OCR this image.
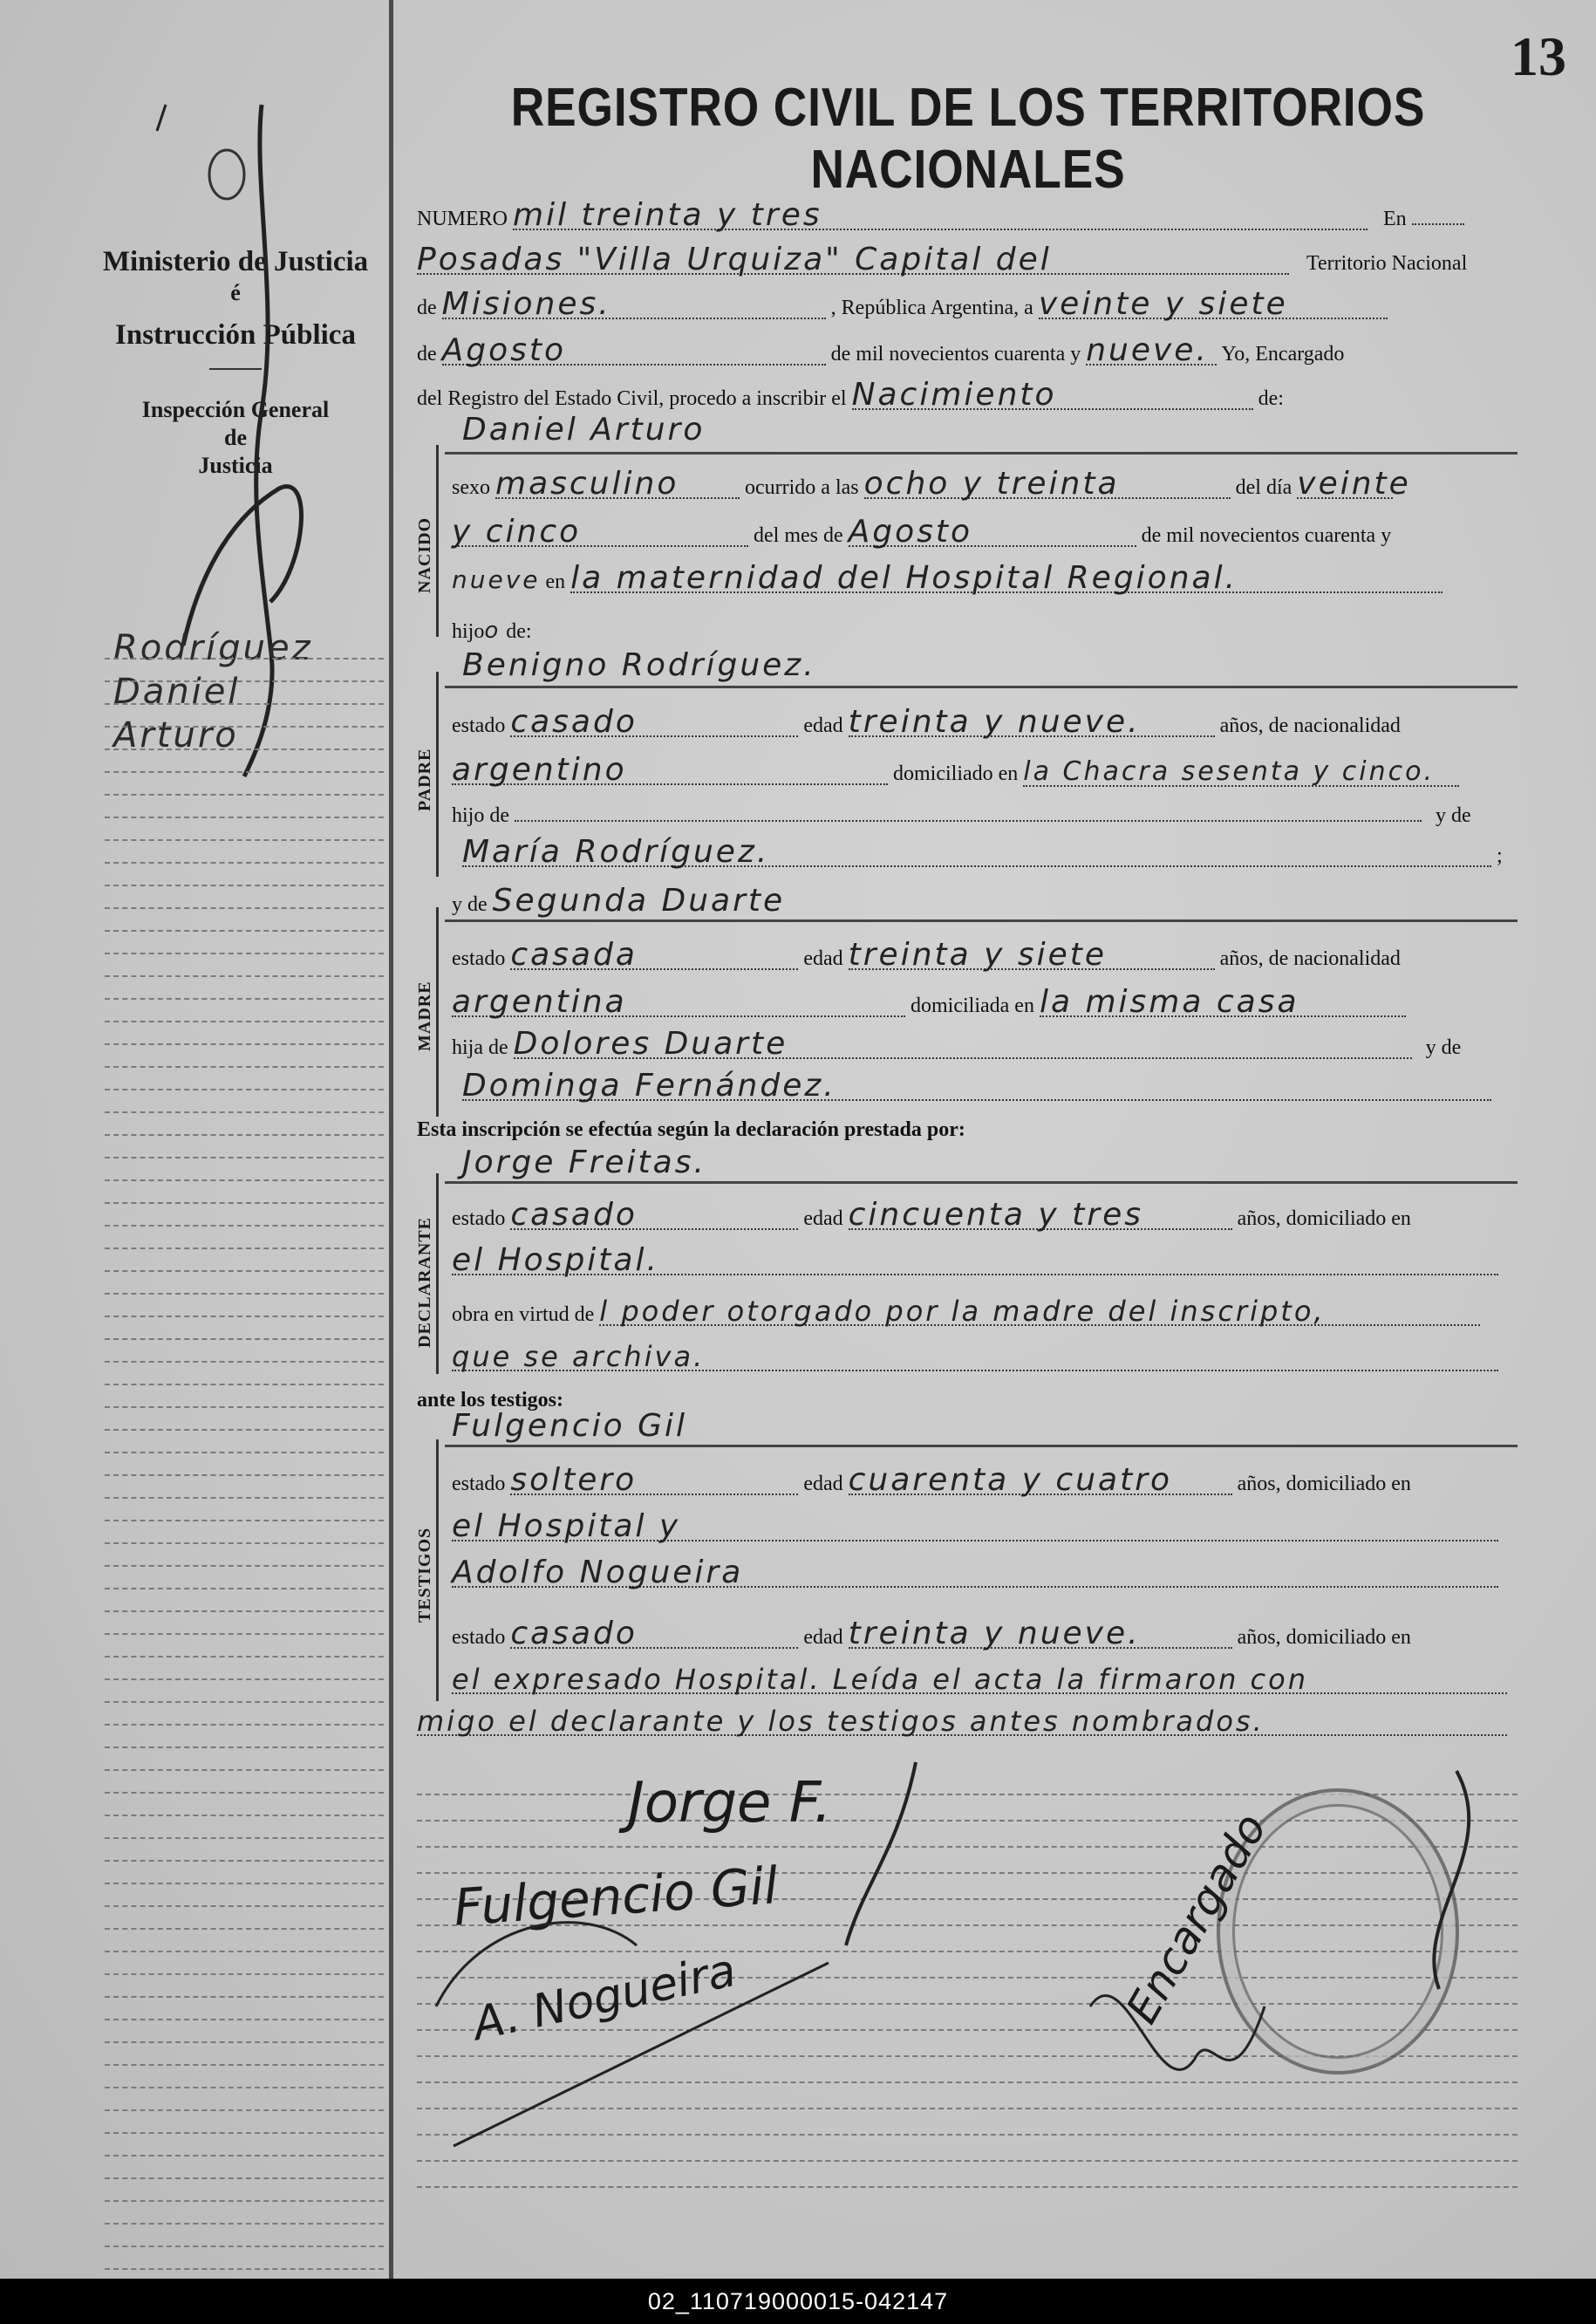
13
Ministerio de Justicia
é
Instrucción Pública
Inspección General
de
Justicia
Rodríguez
Daniel
Arturo
REGISTRO CIVIL DE LOS TERRITORIOS NACIONALES
NUMERO mil treinta y tres	En
Posadas "Villa Urquiza" Capital del	Territorio Nacional
de Misiones.	, República Argentina, a veinte y siete
de Agosto	de mil novecientos cuarenta y nueve. Yo, Encargado
del Registro del Estado Civil, procedo a inscribir el Nacimiento	de:
NACIDO
Daniel Arturo
sexo masculino	ocurrido a las ocho y treinta	del día veinte
y cinco	del mes de Agosto	de mil novecientos cuarenta y
nueve en la maternidad del Hospital Regional.
hijoo de:
PADRE
Benigno Rodríguez.
estado casado	edad treinta y nueve.	años, de nacionalidad
argentino	domiciliado en la Chacra sesenta y cinco.
hijo de	y de
María Rodríguez.	;
MADRE
y de Segunda Duarte
estado casada	edad treinta y siete	años, de nacionalidad
argentina	domiciliada en la misma casa
hija de Dolores Duarte	y de
Dominga Fernández.
Esta inscripción se efectúa según la declaración prestada por:
DECLARANTE
Jorge Freitas.
estado casado	edad cincuenta y tres	años, domiciliado en
el Hospital.
obra en virtud de l poder otorgado por la madre del inscripto,
que se archiva.
ante los testigos:
TESTIGOS
Fulgencio Gil
estado soltero	edad cuarenta y cuatro	años, domiciliado en
el Hospital y
Adolfo Nogueira
estado casado	edad treinta y nueve.	años, domiciliado en
el expresado Hospital. Leída el acta la firmaron con
migo el declarante y los testigos antes nombrados.
Jorge F.
Fulgencio Gil
A. Nogueira	Encargado
02_110719000015-042147
